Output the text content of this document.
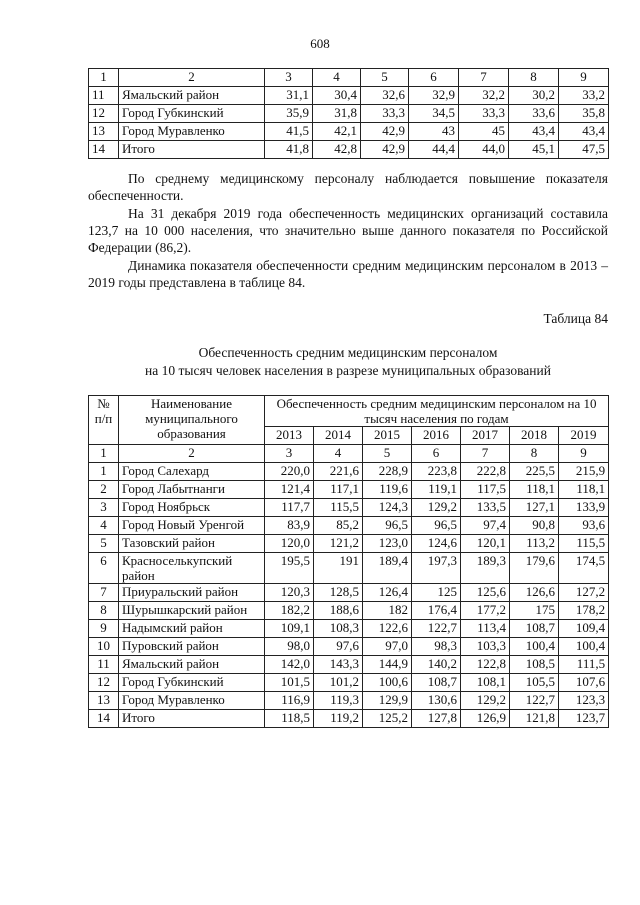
608
1	2	3	4	5	6	7	8	9
11	Ямальский район	31,1	30,4	32,6	32,9	32,2	30,2	33,2
12	Город Губкинский	35,9	31,8	33,3	34,5	33,3	33,6	35,8
13	Город Муравленко	41,5	42,1	42,9	43	45	43,4	43,4
14	Итого	41,8	42,8	42,9	44,4	44,0	45,1	47,5
По среднему медицинскому персоналу наблюдается повышение показателя обеспеченности.
На 31 декабря 2019 года обеспеченность медицинских организаций составила 123,7 на 10 000 населения, что значительно выше данного показателя по Российской Федерации (86,2).
Динамика показателя обеспеченности средним медицинским персоналом в 2013 – 2019 годы представлена в таблице 84.
Таблица 84
Обеспеченность средним медицинским персоналом
на 10 тысяч человек населения в разрезе муниципальных образований
№ п/п	Наименование муниципального образования	Обеспеченность средним медицинским персоналом на 10 тысяч населения по годам						
		2013	2014	2015	2016	2017	2018	2019
1	2	3	4	5	6	7	8	9
1	Город Салехард	220,0	221,6	228,9	223,8	222,8	225,5	215,9
2	Город Лабытнанги	121,4	117,1	119,6	119,1	117,5	118,1	118,1
3	Город Ноябрьск	117,7	115,5	124,3	129,2	133,5	127,1	133,9
4	Город Новый Уренгой	83,9	85,2	96,5	96,5	97,4	90,8	93,6
5	Тазовский район	120,0	121,2	123,0	124,6	120,1	113,2	115,5
6	Красноселькупский район	195,5	191	189,4	197,3	189,3	179,6	174,5
7	Приуральский район	120,3	128,5	126,4	125	125,6	126,6	127,2
8	Шурышкарский район	182,2	188,6	182	176,4	177,2	175	178,2
9	Надымский район	109,1	108,3	122,6	122,7	113,4	108,7	109,4
10	Пуровский район	98,0	97,6	97,0	98,3	103,3	100,4	100,4
11	Ямальский район	142,0	143,3	144,9	140,2	122,8	108,5	111,5
12	Город Губкинский	101,5	101,2	100,6	108,7	108,1	105,5	107,6
13	Город Муравленко	116,9	119,3	129,9	130,6	129,2	122,7	123,3
14	Итого	118,5	119,2	125,2	127,8	126,9	121,8	123,7
